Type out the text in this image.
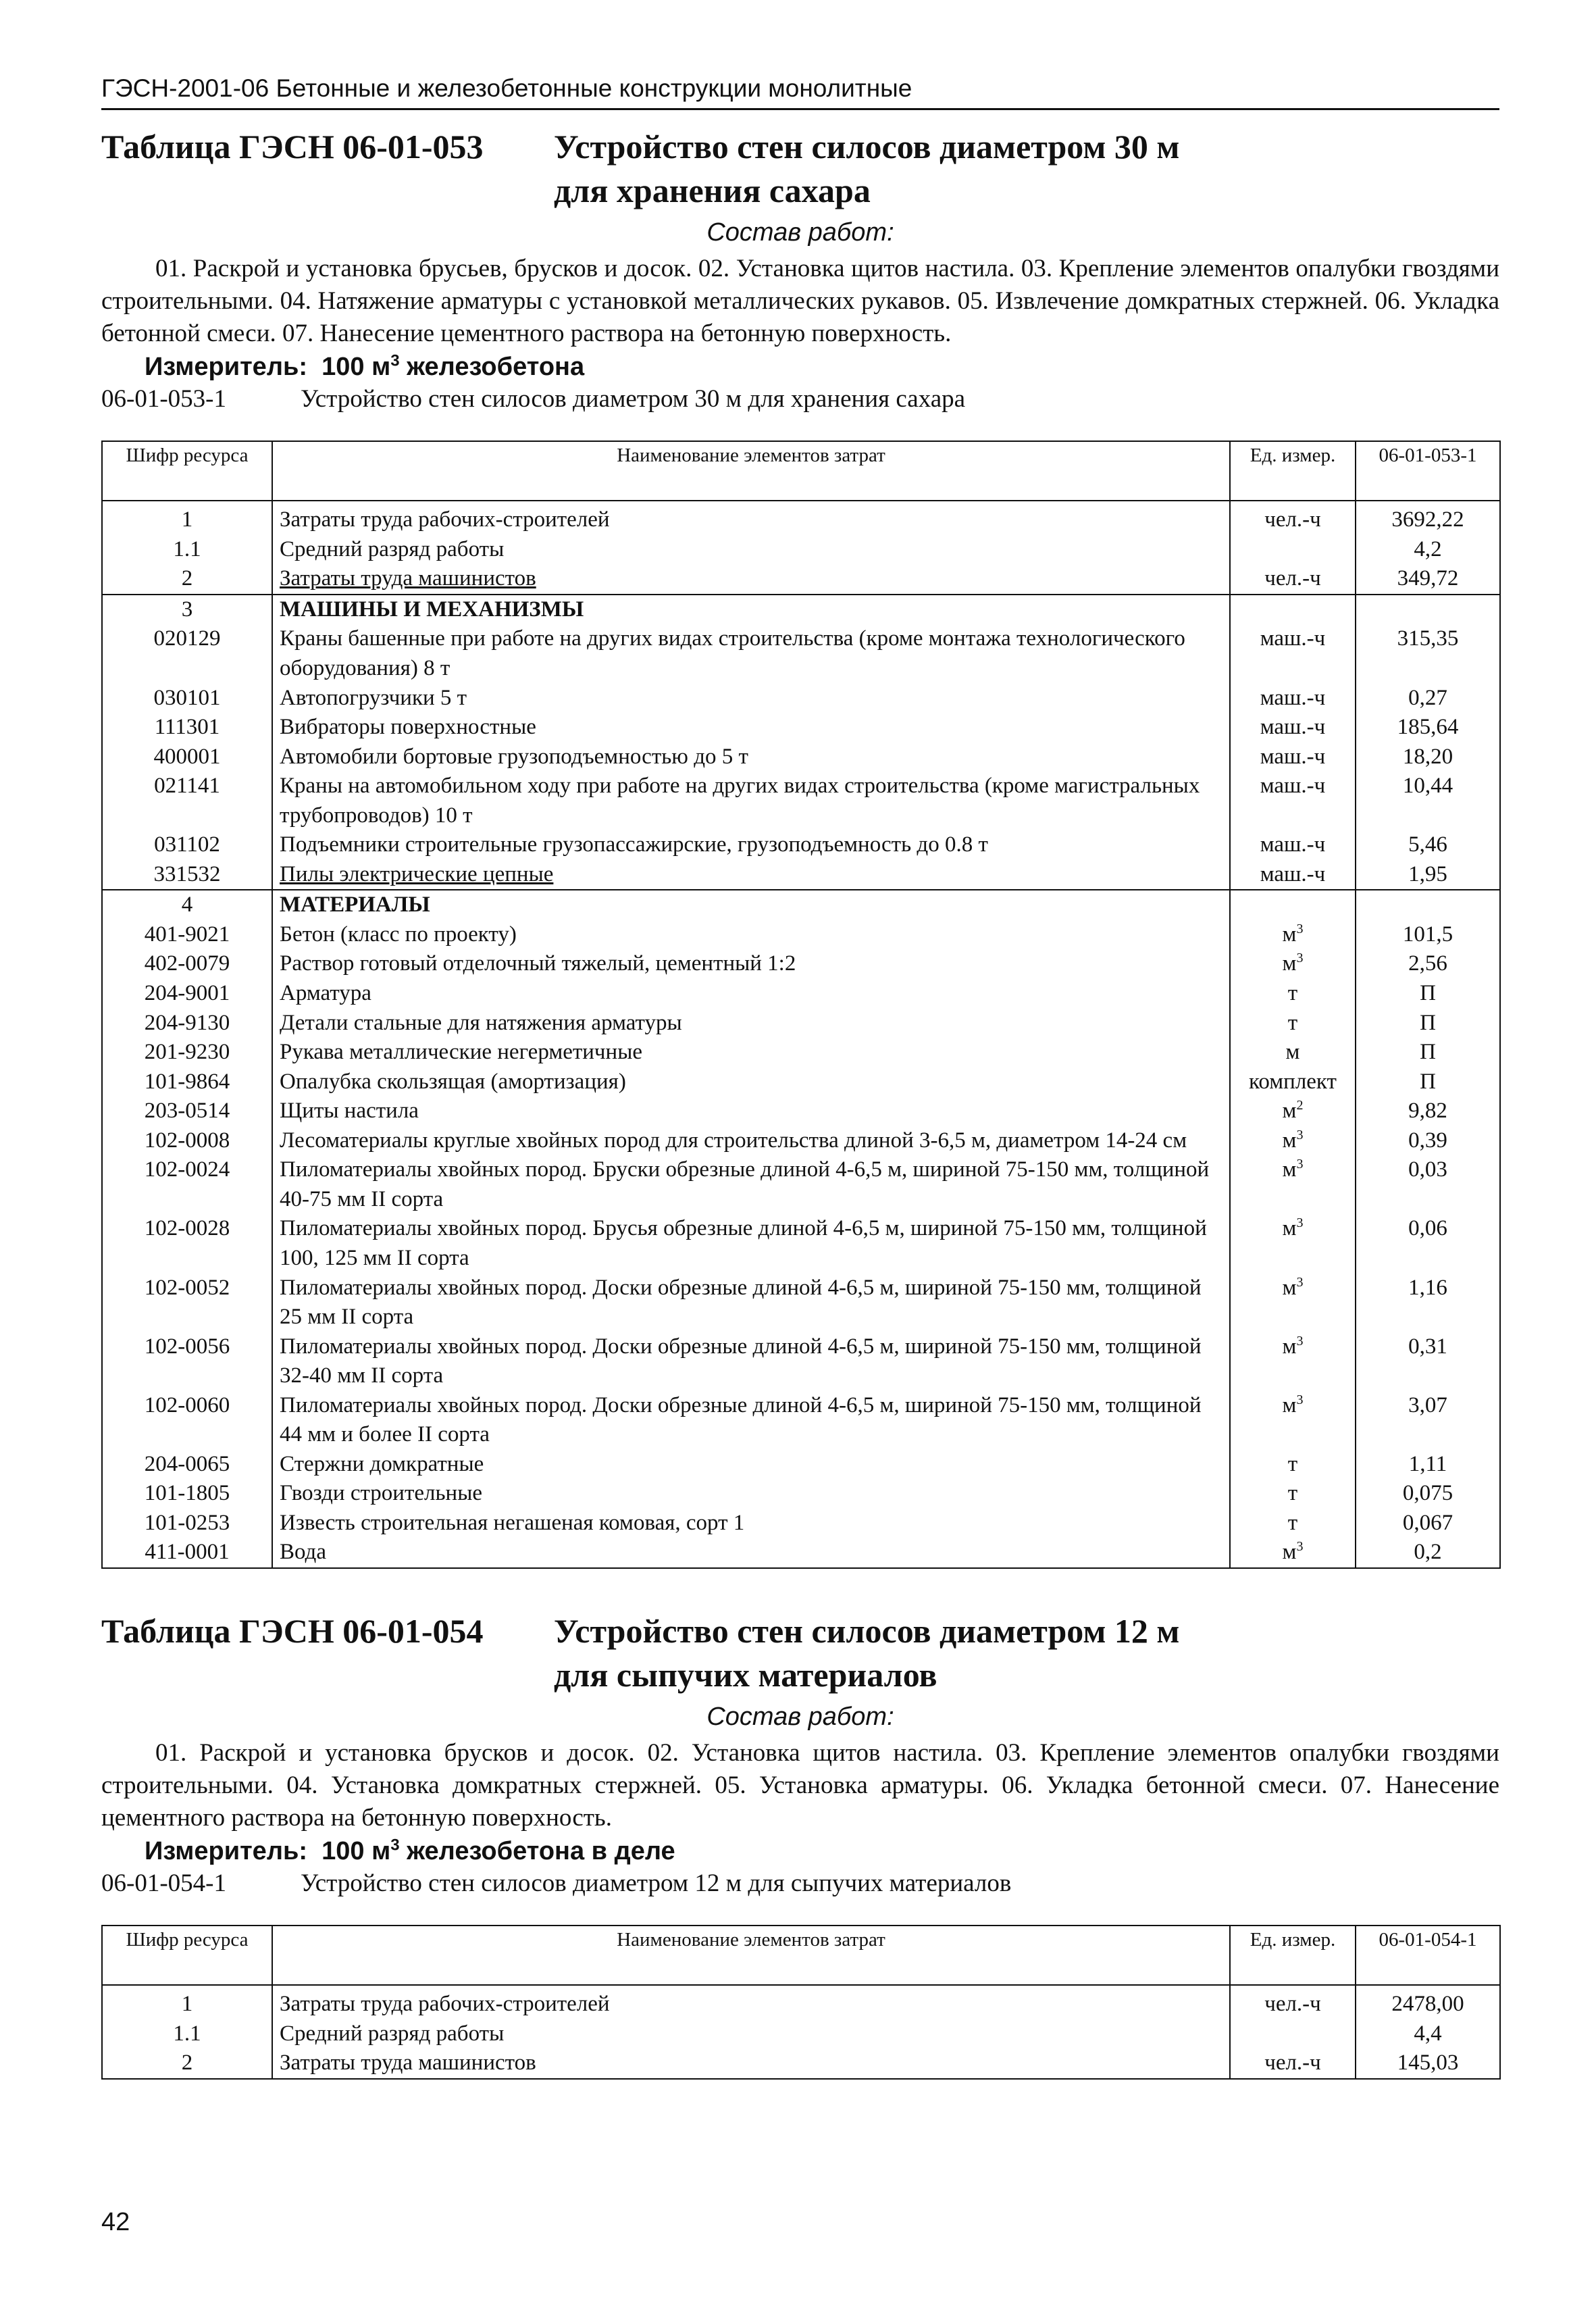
ГЭСН-2001-06 Бетонные и железобетонные конструкции монолитные
Таблица ГЭСН 06-01-053	Устройство стен силосов диаметром 30 м
для хранения сахара
Состав работ:

01. Раскрой и установка брусьев, брусков и досок. 02. Установка щитов настила. 03. Крепление элементов опалубки гвоздями строительными. 04. Натяжение арматуры с установкой металлических рукавов. 05. Извлечение домкратных стержней. 06. Укладка бетонной смеси. 07. Нанесение цементного раствора на бетонную поверхность.

Измеритель: 100 $м^3$ железобетона
06-01-053-1	Устройство стен силосов диаметром 30 м для хранения сахара
Шифр ресурса	Наименование элементов затрат	Ед. измер.	06-01-053-1
1	Затраты труда рабочих-строителей	чел.-ч	3692,22
1.1	Средний разряд работы		4,2
2	Затраты труда машинистов	чел.-ч	349,72
3	МАШИНЫ И МЕХАНИЗМЫ		
020129	Краны башенные при работе на других видах строительства (кроме монтажа технологического оборудования) 8 т	маш.-ч	315,35
030101	Автопогрузчики 5 т	маш.-ч	0,27
111301	Вибраторы поверхностные	маш.-ч	185,64
400001	Автомобили бортовые грузоподъемностью до 5 т	маш.-ч	18,20
021141	Краны на автомобильном ходу при работе на других видах строительства (кроме магистральных трубопроводов) 10 т	маш.-ч	10,44
031102	Подъемники строительные грузопассажирские, грузоподъемность до 0.8 т	маш.-ч	5,46
331532	Пилы электрические цепные	маш.-ч	1,95
4	МАТЕРИАЛЫ		
401-9021	Бетон (класс по проекту)	$м^3$	101,5
402-0079	Раствор готовый отделочный тяжелый, цементный 1:2	$м^3$	2,56
204-9001	Арматура	т	П
204-9130	Детали стальные для натяжения арматуры	т	П
201-9230	Рукава металлические негерметичные	м	П
101-9864	Опалубка скользящая (амортизация)	комплект	П
203-0514	Щиты настила	$м^2$	9,82
102-0008	Лесоматериалы круглые хвойных пород для строительства длиной 3-6,5 м, диаметром 14-24 см	$м^3$	0,39
102-0024	Пиломатериалы хвойных пород. Бруски обрезные длиной 4-6,5 м, шириной 75-150 мм, толщиной 40-75 мм II сорта	$м^3$	0,03
102-0028	Пиломатериалы хвойных пород. Брусья обрезные длиной 4-6,5 м, шириной 75-150 мм, толщиной 100, 125 мм II сорта	$м^3$	0,06
102-0052	Пиломатериалы хвойных пород. Доски обрезные длиной 4-6,5 м, шириной 75-150 мм, толщиной 25 мм II сорта	$м^3$	1,16
102-0056	Пиломатериалы хвойных пород. Доски обрезные длиной 4-6,5 м, шириной 75-150 мм, толщиной 32-40 мм II сорта	$м^3$	0,31
102-0060	Пиломатериалы хвойных пород. Доски обрезные длиной 4-6,5 м, шириной 75-150 мм, толщиной 44 мм и более II сорта	$м^3$	3,07
204-0065	Стержни домкратные	т	1,11
101-1805	Гвозди строительные	т	0,075
101-0253	Известь строительная негашеная комовая, сорт 1	т	0,067
411-0001	Вода	$м^3$	0,2
Таблица ГЭСН 06-01-054	Устройство стен силосов диаметром 12 м
для сыпучих материалов
Состав работ:

01. Раскрой и установка брусков и досок. 02. Установка щитов настила. 03. Крепление элементов опалубки гвоздями строительными. 04. Установка домкратных стержней. 05. Установка арматуры. 06. Укладка бетонной смеси. 07. Нанесение цементного раствора на бетонную поверхность.

Измеритель: 100 $м^3$ железобетона в деле
06-01-054-1	Устройство стен силосов диаметром 12 м для сыпучих материалов
Шифр ресурса	Наименование элементов затрат	Ед. измер.	06-01-054-1
1	Затраты труда рабочих-строителей	чел.-ч	2478,00
1.1	Средний разряд работы		4,4
2	Затраты труда машинистов	чел.-ч	145,03
42
